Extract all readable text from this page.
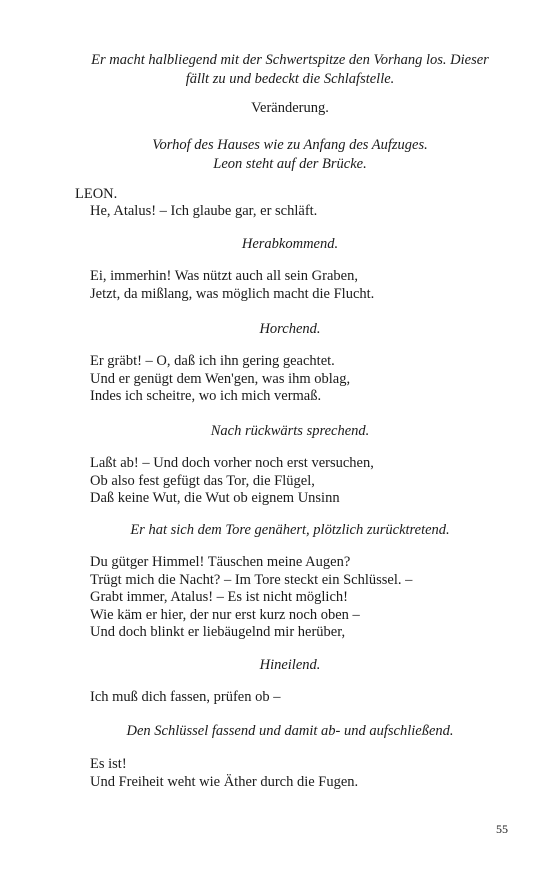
Er macht halbliegend mit der Schwertspitze den Vorhang los. Dieser
fällt zu und bedeckt die Schlafstelle.
Veränderung.
Vorhof des Hauses wie zu Anfang des Aufzuges.
Leon steht auf der Brücke.
LEON.
He, Atalus! – Ich glaube gar, er schläft.
Herabkommend.
Ei, immerhin! Was nützt auch all sein Graben,
Jetzt, da mißlang, was möglich macht die Flucht.
Horchend.
Er gräbt! – O, daß ich ihn gering geachtet.
Und er genügt dem Wen'gen, was ihm oblag,
Indes ich scheitre, wo ich mich vermaß.
Nach rückwärts sprechend.
Laßt ab! – Und doch vorher noch erst versuchen,
Ob also fest gefügt das Tor, die Flügel,
Daß keine Wut, die Wut ob eignem Unsinn
Er hat sich dem Tore genähert, plötzlich zurücktretend.
Du gütger Himmel! Täuschen meine Augen?
Trügt mich die Nacht? – Im Tore steckt ein Schlüssel. –
Grabt immer, Atalus! – Es ist nicht möglich!
Wie käm er hier, der nur erst kurz noch oben –
Und doch blinkt er liebäugelnd mir herüber,
Hineilend.
Ich muß dich fassen, prüfen ob –
Den Schlüssel fassend und damit ab- und aufschließend.
Es ist!
Und Freiheit weht wie Äther durch die Fugen.
55
